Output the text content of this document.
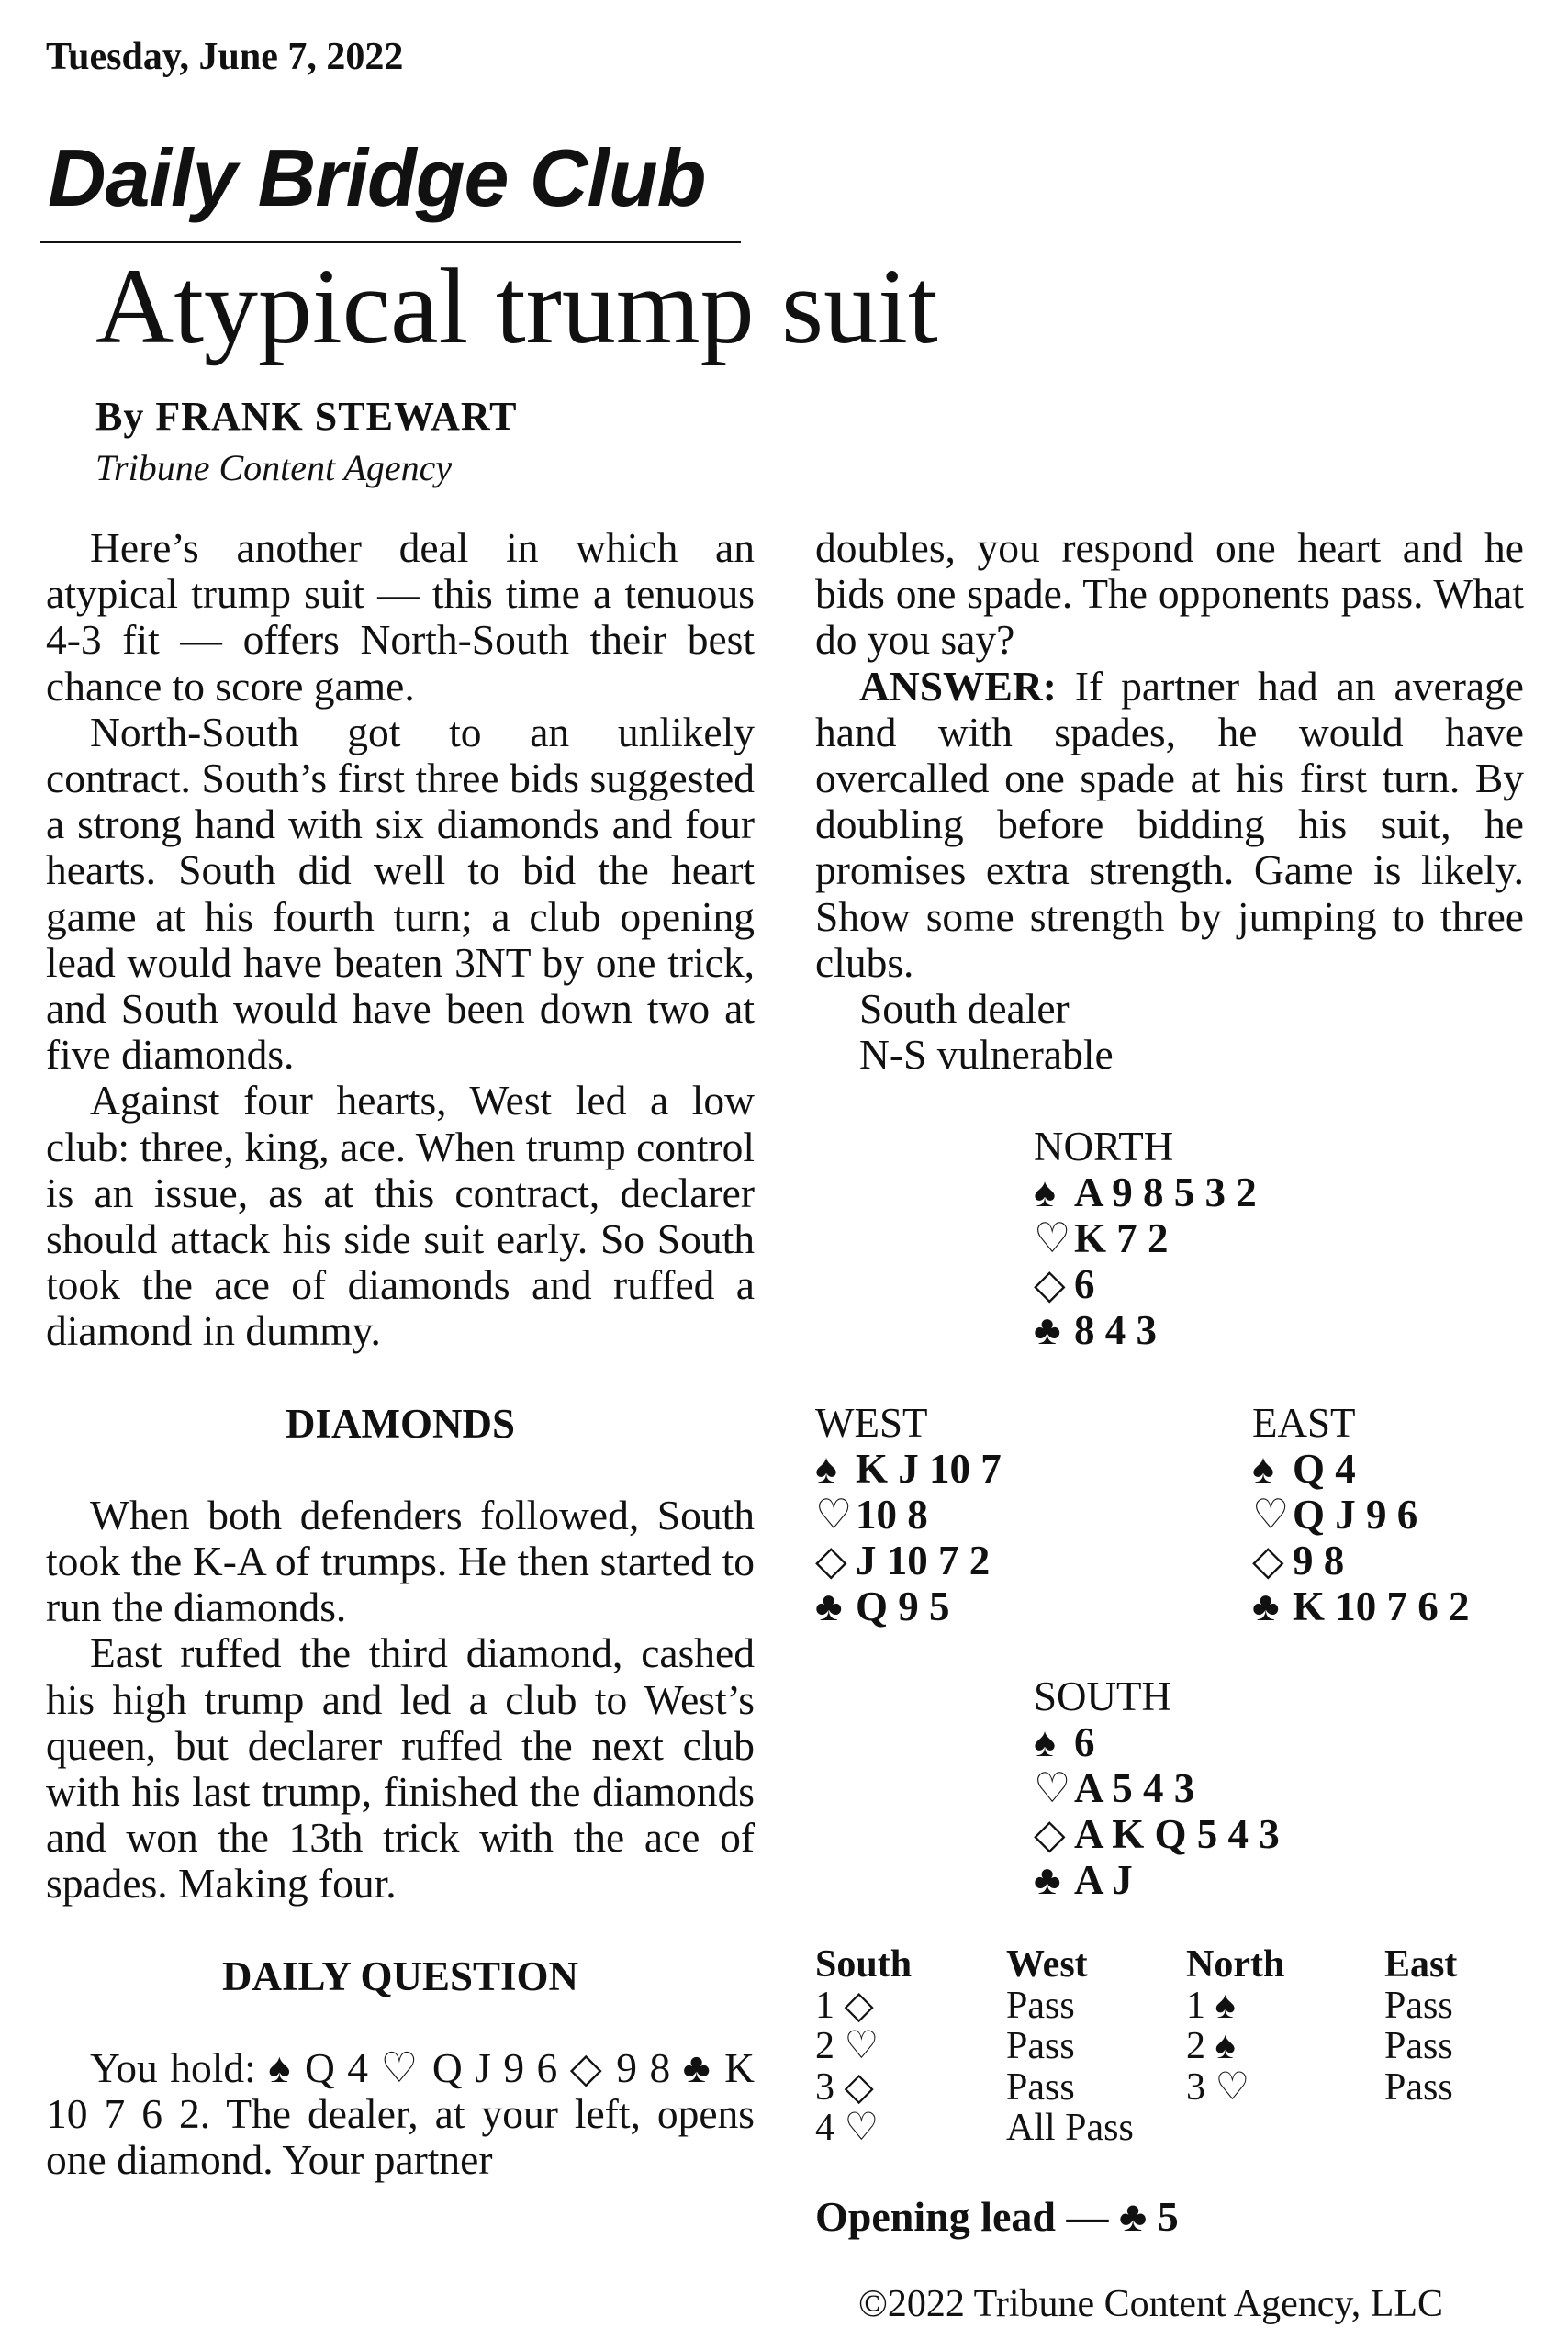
Tuesday, June 7, 2022
Daily Bridge Club
Atypical trump suit
By FRANK STEWART
Tribune Content Agency

Here’s another deal in which an atypical trump suit — this time a tenuous 4-3 fit — offers North-South their best chance to score game.

North-South got to an unlikely contract. South’s first three bids suggested a strong hand with six diamonds and four hearts. South did well to bid the heart game at his fourth turn; a club opening lead would have beaten 3NT by one trick, and South would have been down two at five diamonds.

Against four hearts, West led a low club: three, king, ace. When trump control is an issue, as at this contract, declarer should attack his side suit early. So South took the ace of diamonds and ruffed a diamond in dummy.

DIAMONDS

When both defenders followed, South took the K-A of trumps. He then started to run the diamonds.

East ruffed the third diamond, cashed his high trump and led a club to West’s queen, but declarer ruffed the next club with his last trump, finished the diamonds and won the 13th trick with the ace of spades. Making four.

DAILY QUESTION

You hold: ♠ Q 4 ♡ Q J 9 6 ◇ 9 8 ♣ K 10 7 6 2. The dealer, at your left, opens one diamond. Your partner

doubles, you respond one heart and he bids one spade. The opponents pass. What do you say?

ANSWER: If partner had an average hand with spades, he would have overcalled one spade at his first turn. By doubling before bidding his suit, he promises extra strength. Game is likely. Show some strength by jumping to three clubs.

South dealer
N-S vulnerable
NORTH
♠ A 9 8 5 3 2
♡K 7 2
◇ 6
♣ 8 4 3
WEST
♠ K J 10 7
♡10 8
◇ J 10 7 2
♣ Q 9 5
EAST
♠ Q 4
♡Q J 9 6
◇ 9 8
♣ K 10 7 6 2
SOUTH
♠ 6
♡A 5 4 3
◇ A K Q 5 4 3
♣ A J
South
1 ◇
2 ♡
3 ◇
4 ♡
West
Pass
Pass
Pass
All Pass
North
1 ♠
2 ♠
3 ♡
East
Pass
Pass
Pass
Opening lead — ♣ 5
©2022 Tribune Content Agency, LLC
